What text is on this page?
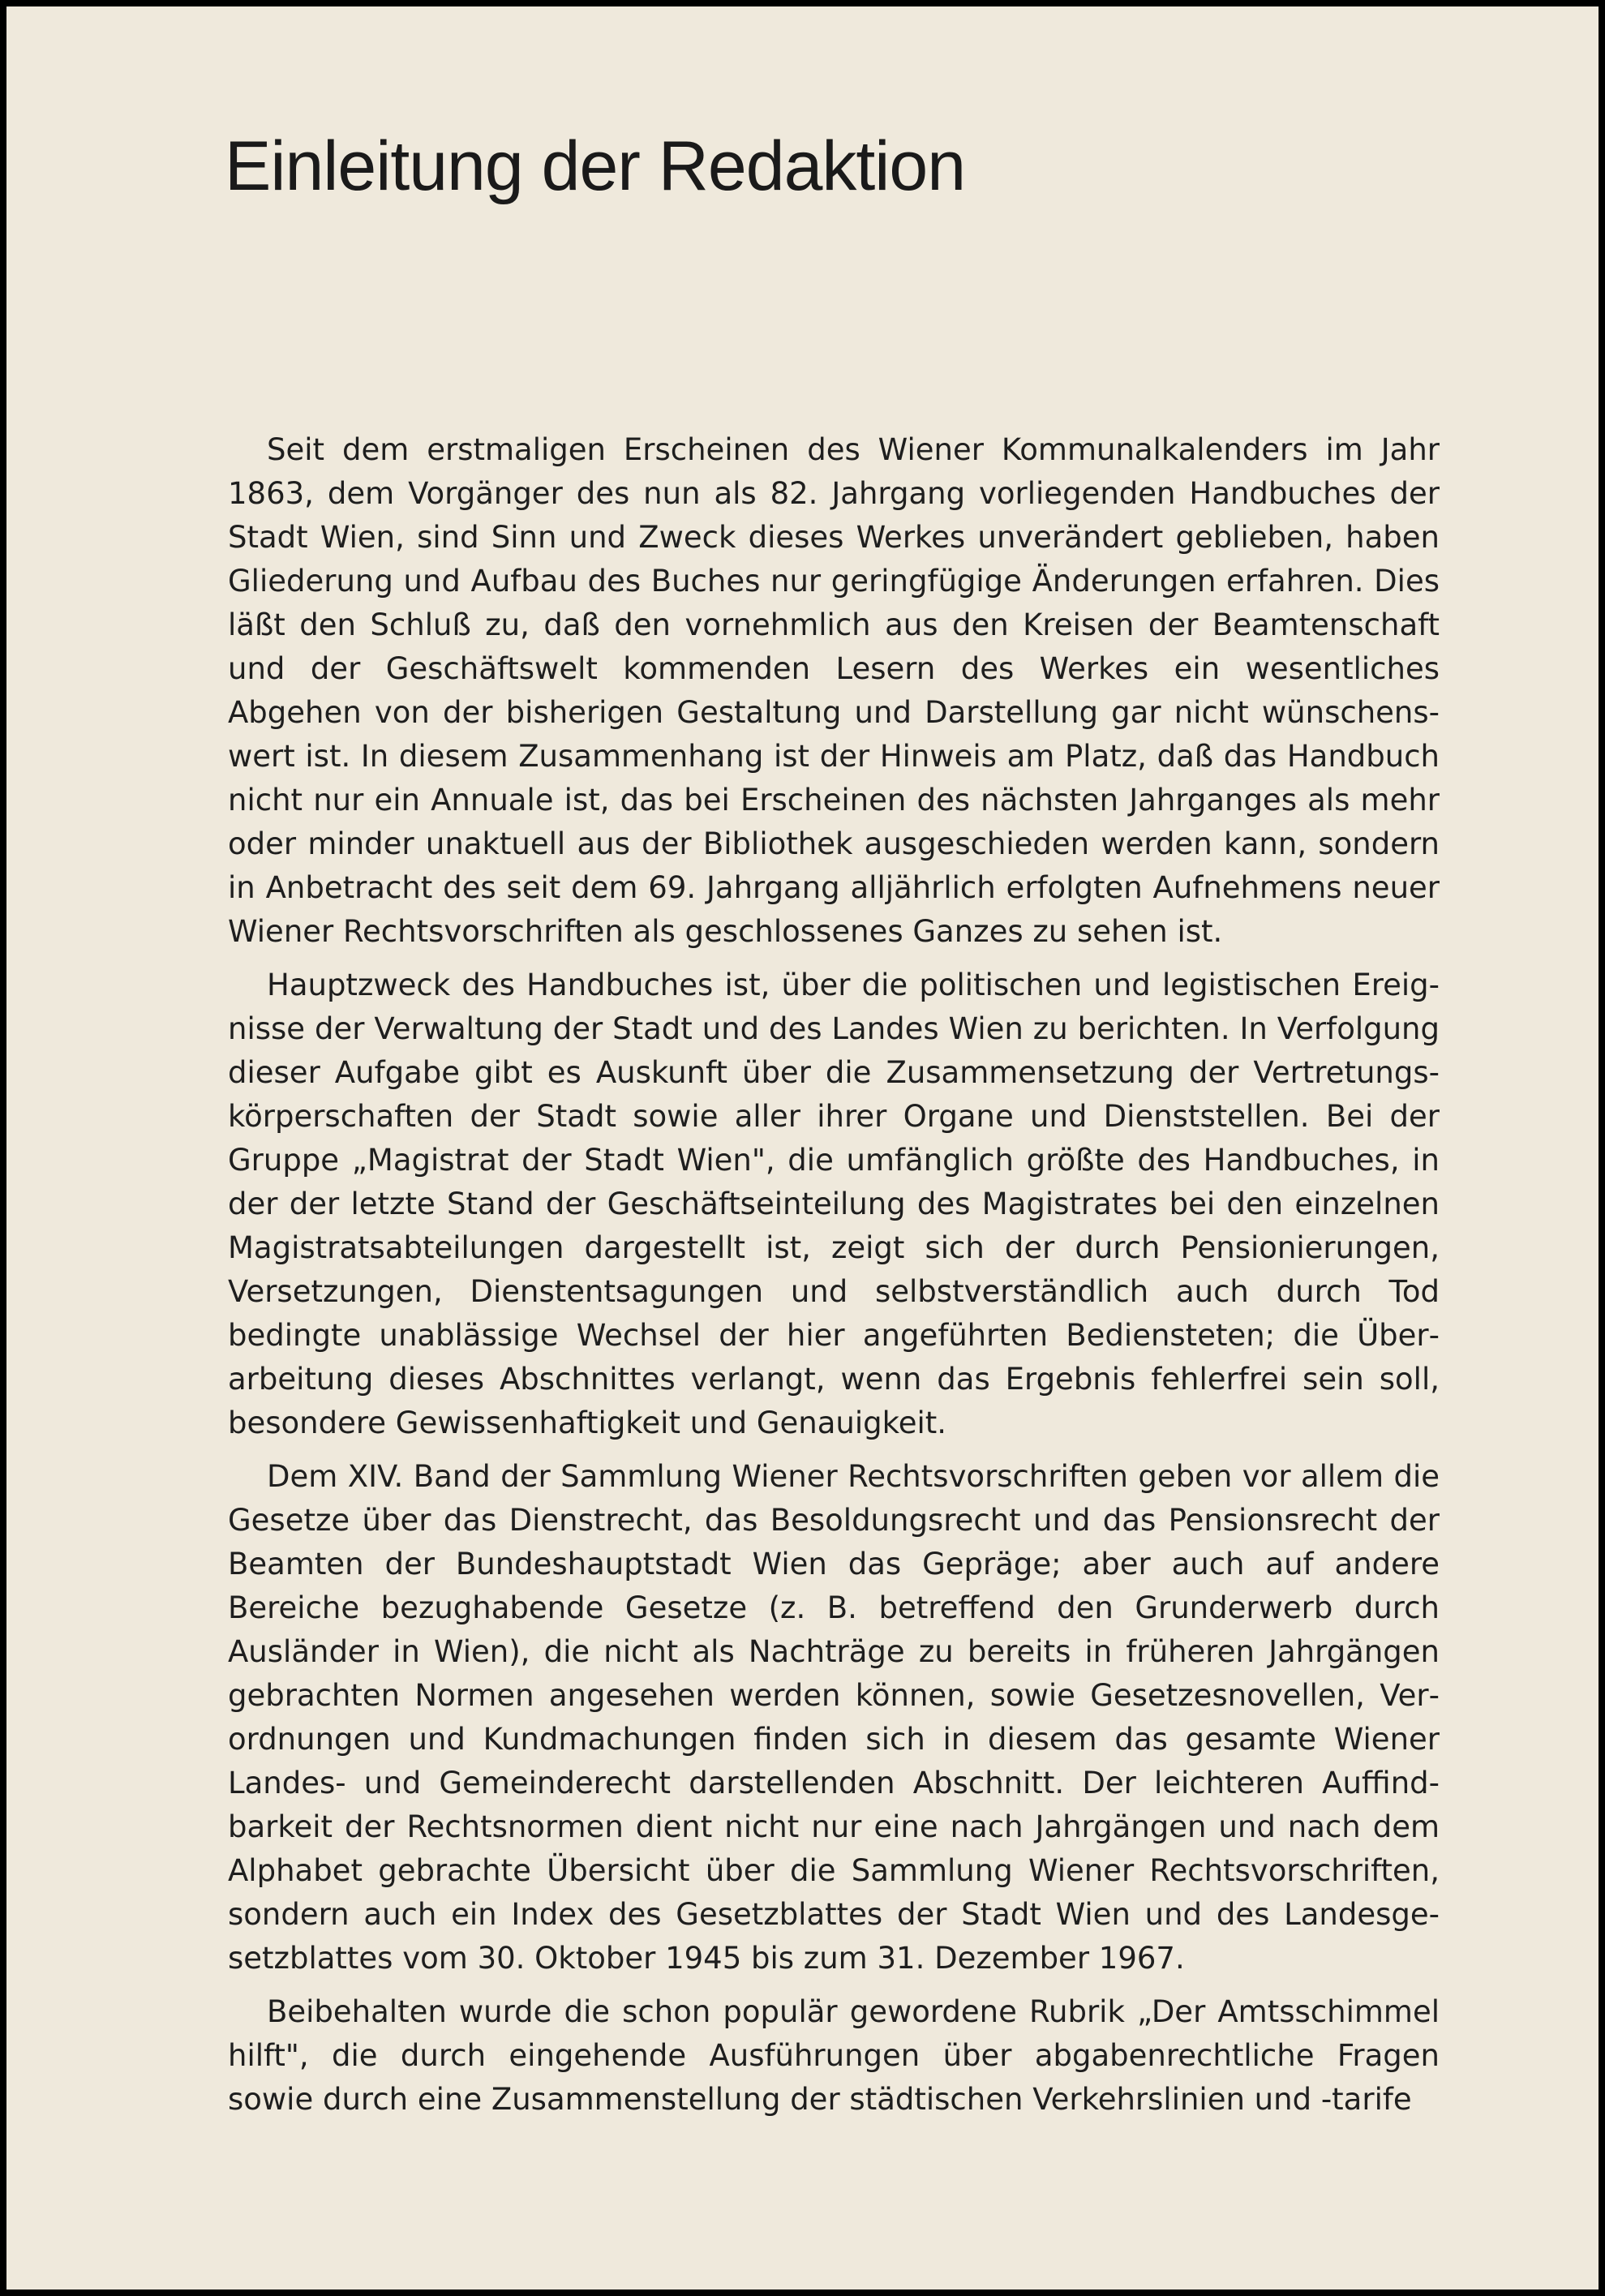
Einleitung der Redaktion

Seit dem erstmaligen Erscheinen des Wiener Kommunalkalenders im Jahr 1863, dem Vorgänger des nun als 82. Jahrgang vorliegenden Handbuches der Stadt Wien, sind Sinn und Zweck dieses Werkes unverändert geblieben, haben Gliederung und Aufbau des Buches nur geringfügige Änderungen erfahren. Dies läßt den Schluß zu, daß den vornehmlich aus den Kreisen der Beamtenschaft und der Geschäftswelt kommenden Lesern des Werkes ein wesentliches Abgehen von der bisherigen Gestaltung und Darstellung gar nicht wünschenswert ist. In diesem Zusammenhang ist der Hinweis am Platz, daß das Handbuch nicht nur ein Annuale ist, das bei Erscheinen des nächsten Jahrganges als mehr oder minder unaktuell aus der Bibliothek ausgeschieden werden kann, sondern in Anbetracht des seit dem 69. Jahrgang alljährlich erfolgten Aufnehmens neuer Wiener Rechtsvorschriften als geschlossenes Ganzes zu sehen ist.

Hauptzweck des Handbuches ist, über die politischen und legistischen Ereignisse der Verwaltung der Stadt und des Landes Wien zu berichten. In Verfolgung dieser Aufgabe gibt es Auskunft über die Zusammensetzung der Vertretungskörperschaften der Stadt sowie aller ihrer Organe und Dienststellen. Bei der Gruppe „Magistrat der Stadt Wien", die umfänglich größte des Handbuches, in der der letzte Stand der Geschäftseinteilung des Magistrates bei den einzelnen Magistratsabteilungen dargestellt ist, zeigt sich der durch Pensionierungen, Versetzungen, Dienstentsagungen und selbstverständlich auch durch Tod bedingte unablässige Wechsel der hier angeführten Bediensteten; die Überarbeitung dieses Abschnittes verlangt, wenn das Ergebnis fehlerfrei sein soll, besondere Gewissenhaftigkeit und Genauigkeit.

Dem XIV. Band der Sammlung Wiener Rechtsvorschriften geben vor allem die Gesetze über das Dienstrecht, das Besoldungsrecht und das Pensionsrecht der Beamten der Bundeshauptstadt Wien das Gepräge; aber auch auf andere Bereiche bezughabende Gesetze (z. B. betreffend den Grunderwerb durch Ausländer in Wien), die nicht als Nachträge zu bereits in früheren Jahrgängen gebrachten Normen angesehen werden können, sowie Gesetzesnovellen, Verordnungen und Kundmachungen finden sich in diesem das gesamte Wiener Landes- und Gemeinderecht darstellenden Abschnitt. Der leichteren Auffindbarkeit der Rechtsnormen dient nicht nur eine nach Jahrgängen und nach dem Alphabet gebrachte Übersicht über die Sammlung Wiener Rechtsvorschriften, sondern auch ein Index des Gesetzblattes der Stadt Wien und des Landesgesetzblattes vom 30. Oktober 1945 bis zum 31. Dezember 1967.

Beibehalten wurde die schon populär gewordene Rubrik „Der Amtsschimmel hilft", die durch eingehende Ausführungen über abgabenrechtliche Fragen sowie durch eine Zusammenstellung der städtischen Verkehrslinien und -tarife
